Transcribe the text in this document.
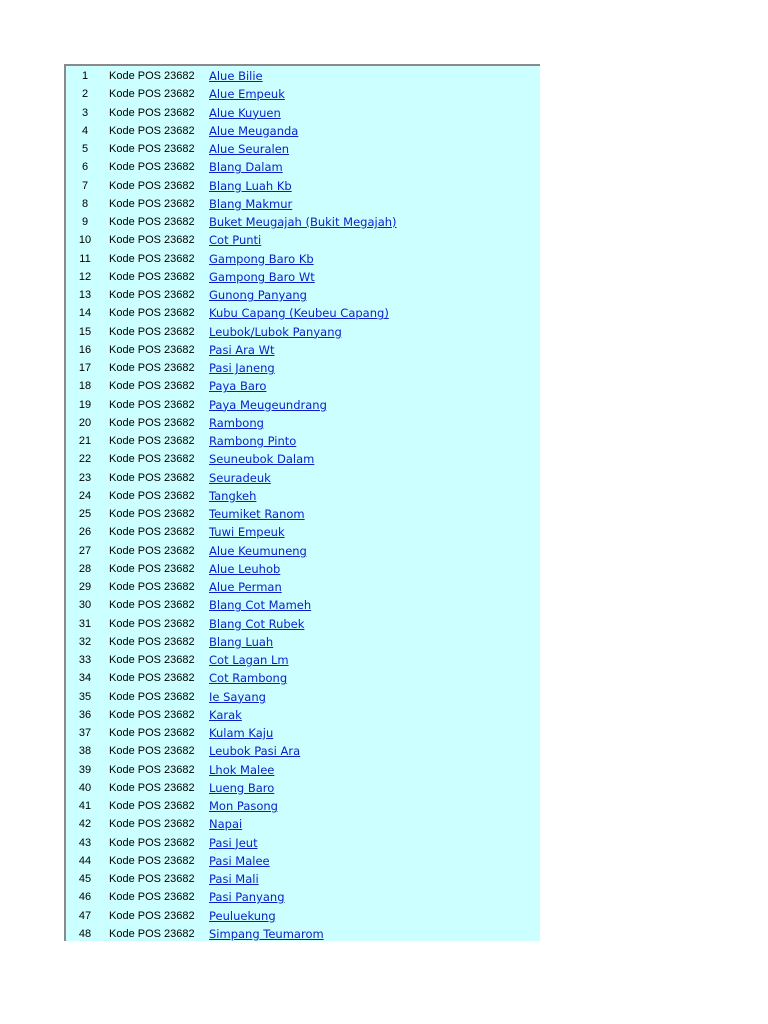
1	Kode POS 23682 Alue Bilie
2	Kode POS 23682 Alue Empeuk
3	Kode POS 23682 Alue Kuyuen
4	Kode POS 23682 Alue Meuganda
5	Kode POS 23682 Alue Seuralen
6	Kode POS 23682 Blang Dalam
7	Kode POS 23682 Blang Luah Kb
8	Kode POS 23682 Blang Makmur
9	Kode POS 23682 Buket Meugajah (Bukit Megajah)
10	Kode POS 23682 Cot Punti
11	Kode POS 23682 Gampong Baro Kb
12	Kode POS 23682 Gampong Baro Wt
13	Kode POS 23682 Gunong Panyang
14	Kode POS 23682 Kubu Capang (Keubeu Capang)
15	Kode POS 23682 Leubok/Lubok Panyang
16	Kode POS 23682 Pasi Ara Wt
17	Kode POS 23682 Pasi Janeng
18	Kode POS 23682 Paya Baro
19	Kode POS 23682 Paya Meugeundrang
20	Kode POS 23682 Rambong
21	Kode POS 23682 Rambong Pinto
22	Kode POS 23682 Seuneubok Dalam
23	Kode POS 23682 Seuradeuk
24	Kode POS 23682 Tangkeh
25	Kode POS 23682 Teumiket Ranom
26	Kode POS 23682 Tuwi Empeuk
27	Kode POS 23682 Alue Keumuneng
28	Kode POS 23682 Alue Leuhob
29	Kode POS 23682 Alue Perman
30	Kode POS 23682 Blang Cot Mameh
31	Kode POS 23682 Blang Cot Rubek
32	Kode POS 23682 Blang Luah
33	Kode POS 23682 Cot Lagan Lm
34	Kode POS 23682 Cot Rambong
35	Kode POS 23682 Ie Sayang
36	Kode POS 23682 Karak
37	Kode POS 23682 Kulam Kaju
38	Kode POS 23682 Leubok Pasi Ara
39	Kode POS 23682 Lhok Malee
40	Kode POS 23682 Lueng Baro
41	Kode POS 23682 Mon Pasong
42	Kode POS 23682 Napai
43	Kode POS 23682 Pasi Jeut
44	Kode POS 23682 Pasi Malee
45	Kode POS 23682 Pasi Mali
46	Kode POS 23682 Pasi Panyang
47	Kode POS 23682 Peuluekung
48	Kode POS 23682 Simpang Teumarom
